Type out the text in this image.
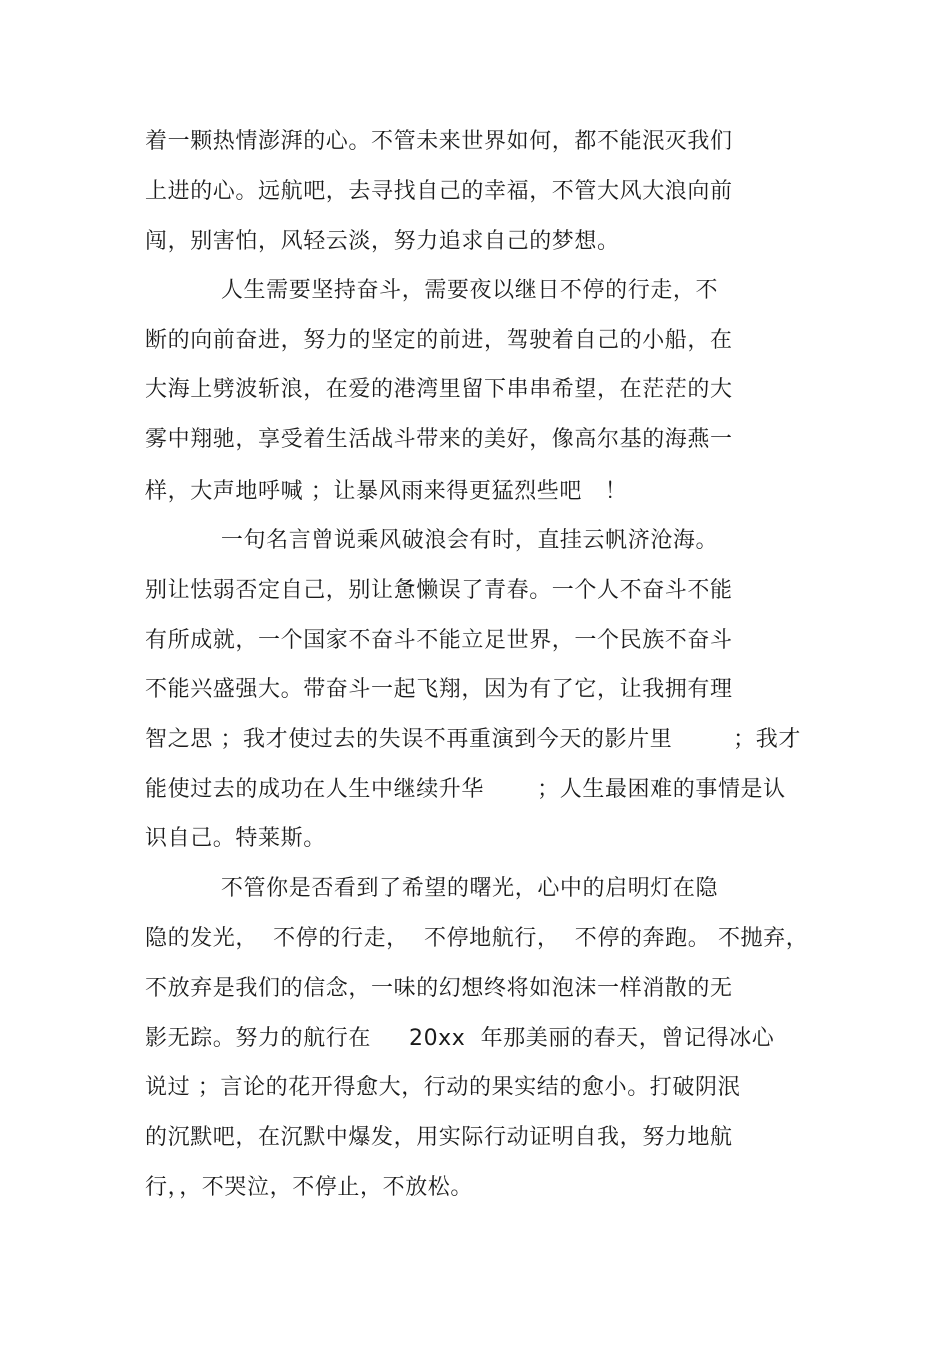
着一颗热情澎湃的心。不管未来世界如何，都不能泯灭我们
上进的心。远航吧，去寻找自己的幸福，不管大风大浪向前
闯，别害怕，风轻云淡，努力追求自己的梦想。
人生需要坚持奋斗，需要夜以继日不停的行走，不
断的向前奋进，努力的坚定的前进，驾驶着自己的小船，在
大海上劈波斩浪，在爱的港湾里留下串串希望，在茫茫的大
雾中翔驰，享受着生活战斗带来的美好，像高尔基的海燕一
样，大声地呼喊 ；让暴风雨来得更猛烈些吧   ！
一句名言曾说乘风破浪会有时，直挂云帆济沧海。
别让怯弱否定自己，别让惫懒误了青春。一个人不奋斗不能
有所成就，一个国家不奋斗不能立足世界，一个民族不奋斗
不能兴盛强大。带奋斗一起飞翔，因为有了它，让我拥有理
智之思 ；我才使过去的失误不再重演到今天的影片里        ；我才
能使过去的成功在人生中继续升华       ；人生最困难的事情是认
识自己。特莱斯。
不管你是否看到了希望的曙光，心中的启明灯在隐
隐的发光，  不停的行走，  不停地航行，  不停的奔跑。 不抛弃，
不放弃是我们的信念，一味的幻想终将如泡沫一样消散的无
影无踪。努力的航行在     20xx  年那美丽的春天，曾记得冰心
说过 ；言论的花开得愈大，行动的果实结的愈小。打破阴泯
的沉默吧，在沉默中爆发，用实际行动证明自我，努力地航
行，，不哭泣，不停止，不放松。
